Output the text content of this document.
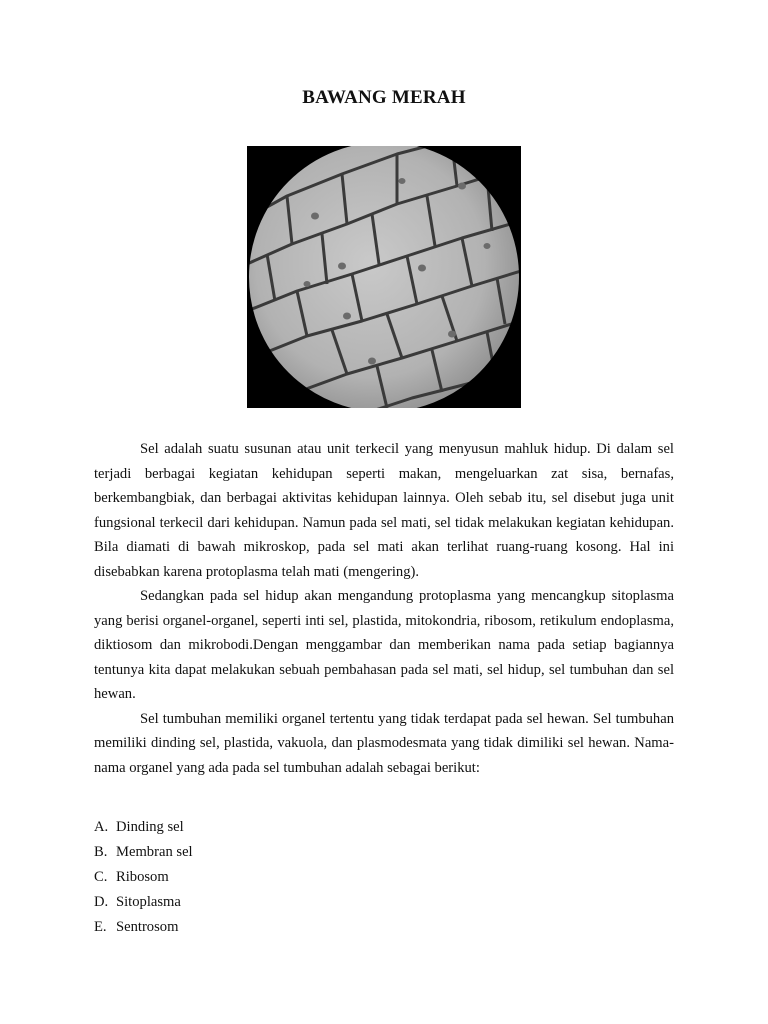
BAWANG MERAH

Sel adalah suatu susunan atau unit terkecil yang menyusun mahluk hidup. Di dalam sel terjadi berbagai kegiatan kehidupan seperti makan, mengeluarkan zat sisa, bernafas, berkembangbiak, dan berbagai aktivitas kehidupan lainnya. Oleh sebab itu, sel disebut juga unit fungsional terkecil dari kehidupan. Namun pada sel mati, sel tidak melakukan kegiatan kehidupan. Bila diamati di bawah mikroskop, pada sel mati akan terlihat ruang-ruang kosong. Hal ini disebabkan karena protoplasma telah mati (mengering).

Sedangkan pada sel hidup akan mengandung protoplasma yang mencangkup sitoplasma yang berisi organel-organel, seperti inti sel, plastida, mitokondria, ribosom, retikulum endoplasma, diktiosom dan mikrobodi.Dengan menggambar dan memberikan nama pada setiap bagiannya tentunya kita dapat melakukan sebuah pembahasan pada sel mati, sel hidup, sel tumbuhan dan sel hewan.

Sel tumbuhan memiliki organel tertentu yang tidak terdapat pada sel hewan. Sel tumbuhan memiliki dinding sel, plastida, vakuola, dan plasmodesmata yang tidak dimiliki sel hewan. Nama-nama organel yang ada pada sel tumbuhan adalah sebagai berikut:

A. Dinding sel
B. Membran sel
C. Ribosom
D. Sitoplasma
E. Sentrosom
